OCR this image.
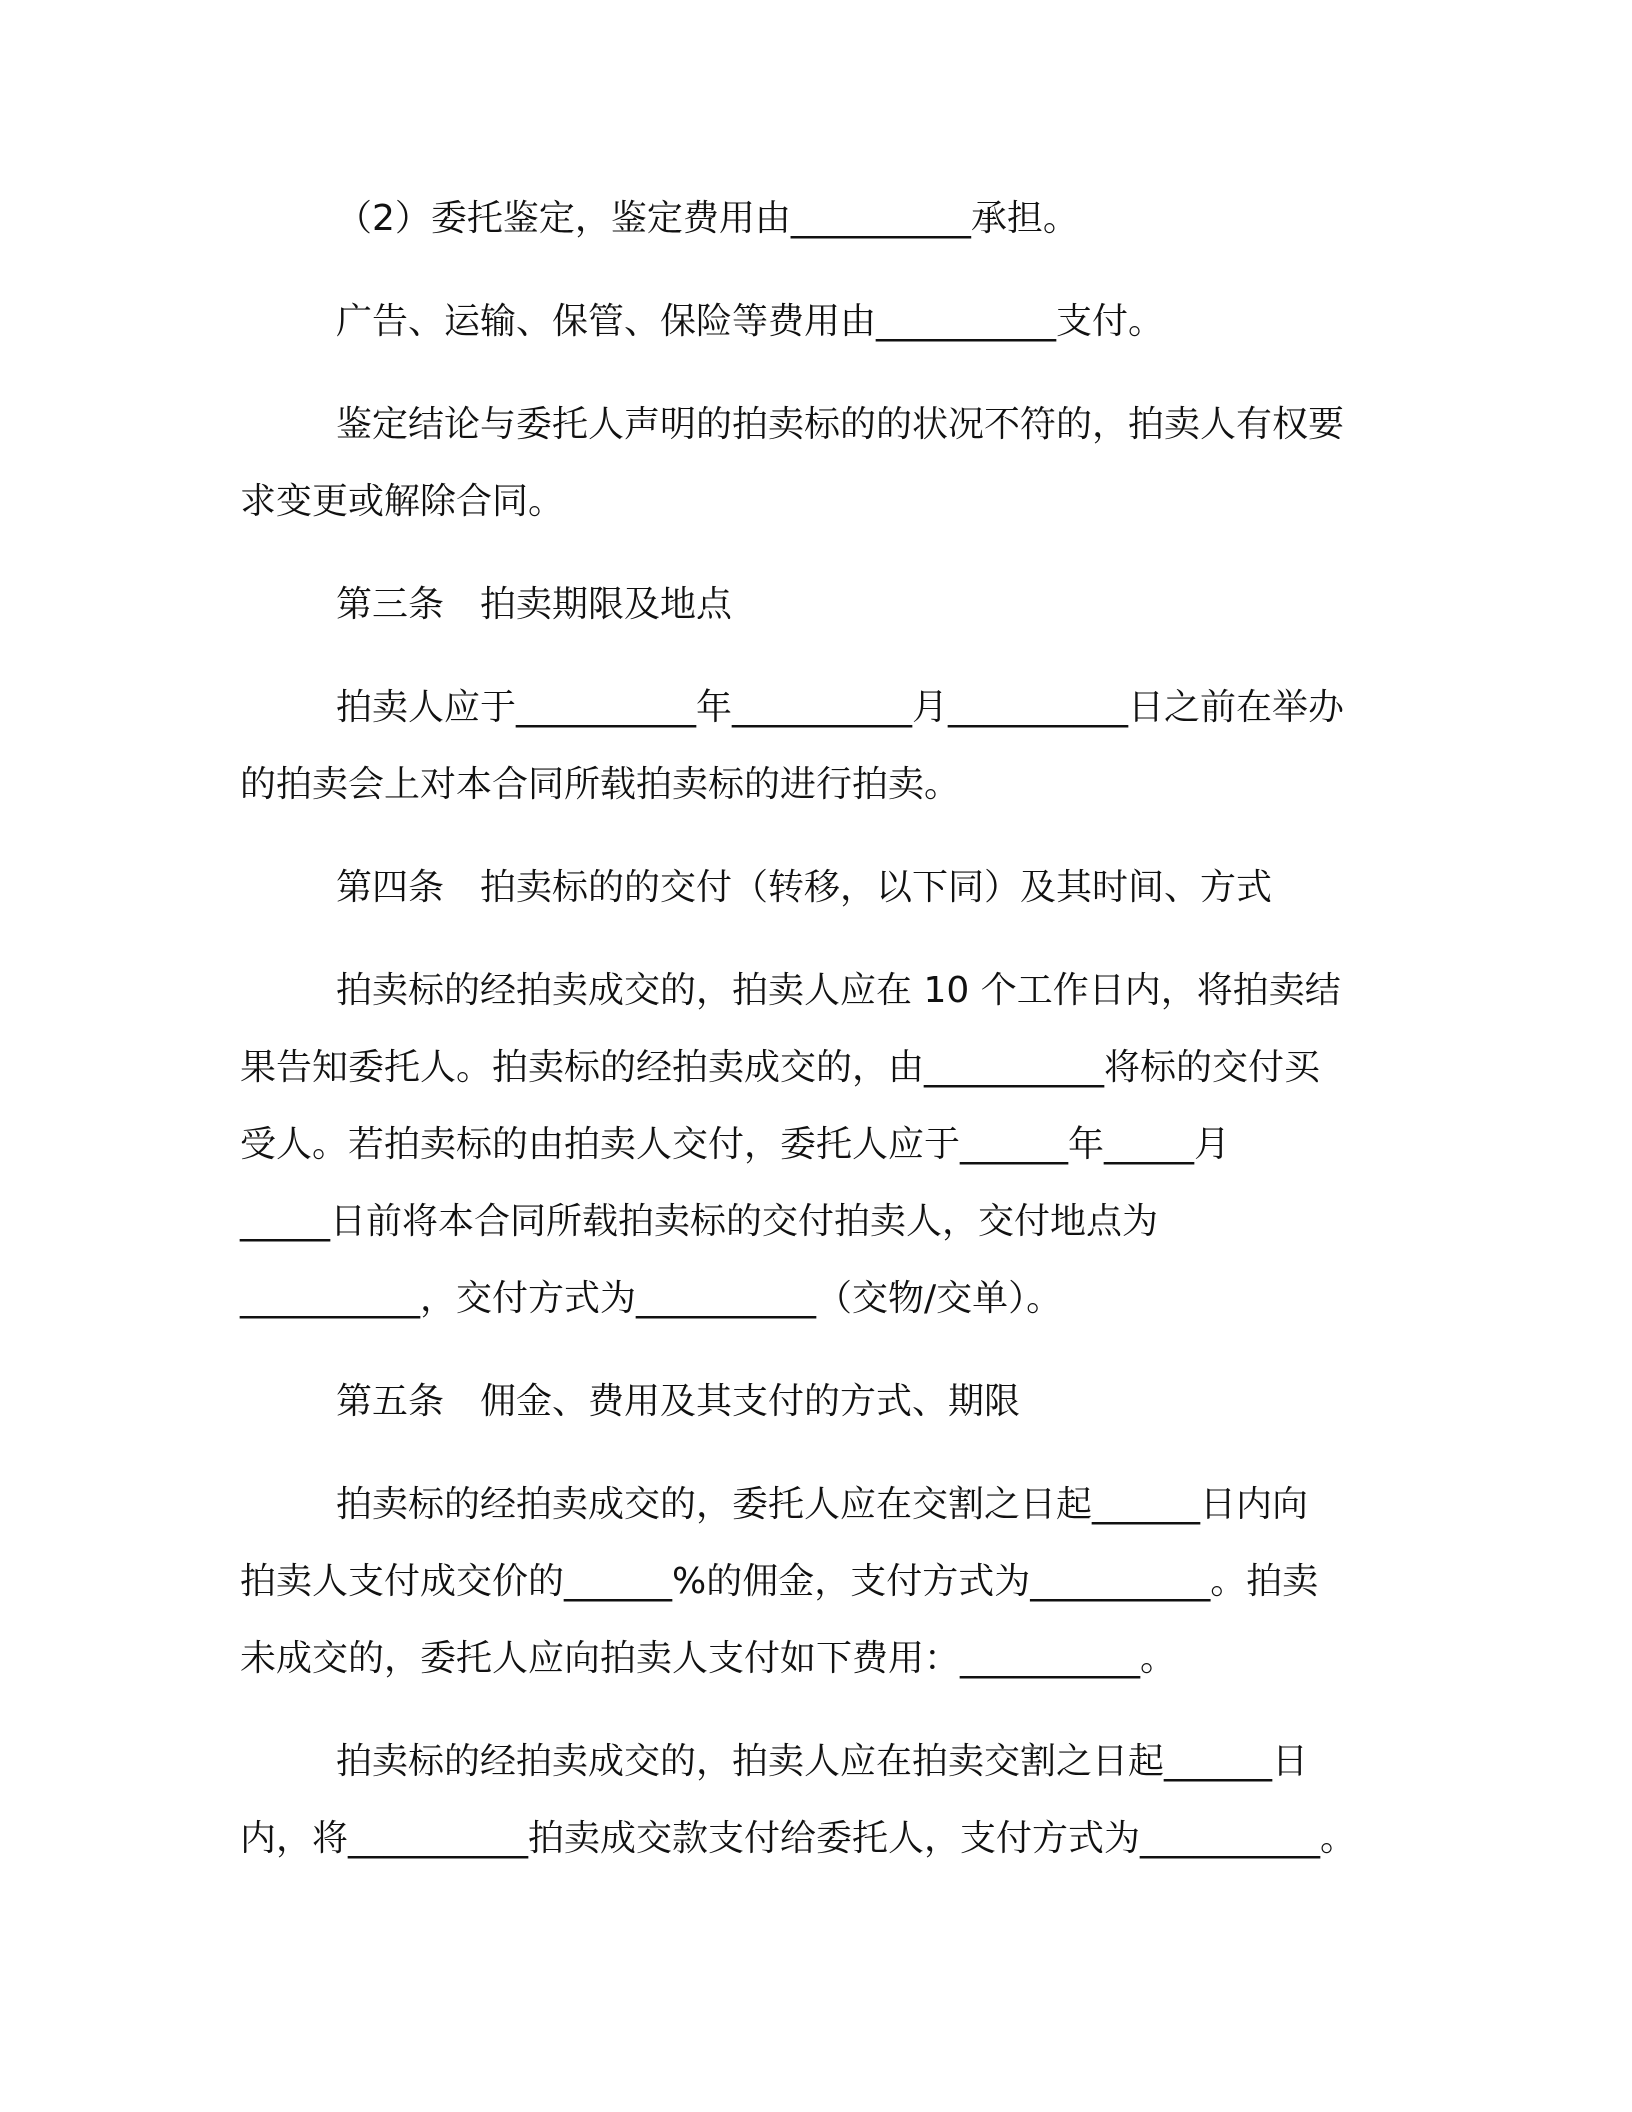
（2）委托鉴定，鉴定费用由__________承担。
广告、运输、保管、保险等费用由__________支付。
鉴定结论与委托人声明的拍卖标的的状况不符的，拍卖人有权要
求变更或解除合同。
第三条　拍卖期限及地点
拍卖人应于__________年__________月__________日之前在举办
的拍卖会上对本合同所载拍卖标的进行拍卖。
第四条　拍卖标的的交付（转移，以下同）及其时间、方式
拍卖标的经拍卖成交的，拍卖人应在 10 个工作日内，将拍卖结
果告知委托人。拍卖标的经拍卖成交的，由__________将标的交付买
受人。若拍卖标的由拍卖人交付，委托人应于______年_____月
_____日前将本合同所载拍卖标的交付拍卖人，交付地点为
__________，交付方式为__________（交物/交单）。
第五条　佣金、费用及其支付的方式、期限
拍卖标的经拍卖成交的，委托人应在交割之日起______日内向
拍卖人支付成交价的______%的佣金，支付方式为__________。拍卖
未成交的，委托人应向拍卖人支付如下费用：__________。
拍卖标的经拍卖成交的，拍卖人应在拍卖交割之日起______日
内，将__________拍卖成交款支付给委托人，支付方式为__________。
